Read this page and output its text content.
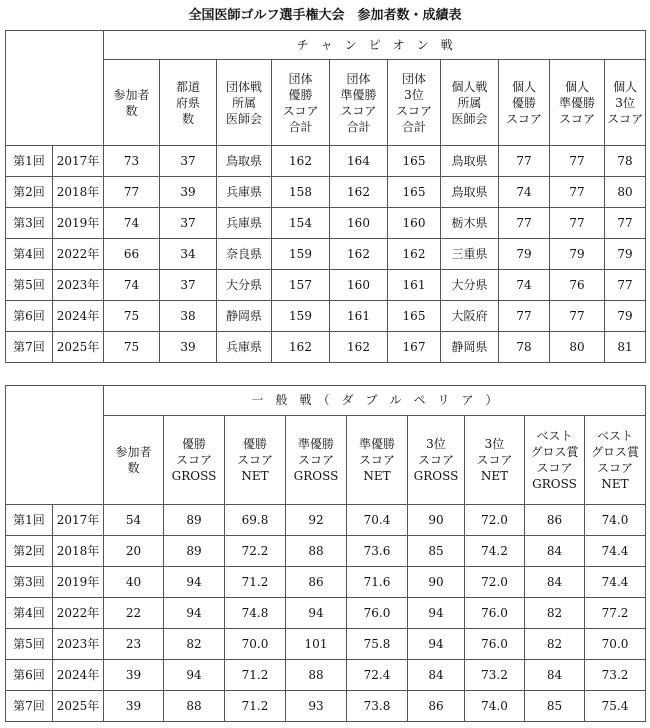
全国医師ゴルフ選手権大会　参加者数・成績表
		チ　ャ　ン　ピ　オ　ン　戦									
		参加者
数	都道
府県
数	団体戦
所属
医師会	団体
優勝
スコア
合計	団体
準優勝
スコア
合計	団体
3位
スコア
合計	個人戦
所属
医師会	個人
優勝
スコア	個人
準優勝
スコア	個人
3位
スコア
第1回	2017年	73	37	鳥取県	162	164	165	鳥取県	77	77	78
第2回	2018年	77	39	兵庫県	158	162	165	鳥取県	74	77	80
第3回	2019年	74	37	兵庫県	154	160	160	栃木県	77	77	77
第4回	2022年	66	34	奈良県	159	162	162	三重県	79	79	79
第5回	2023年	74	37	大分県	157	160	161	大分県	74	76	77
第6回	2024年	75	38	静岡県	159	161	165	大阪府	77	77	79
第7回	2025年	75	39	兵庫県	162	162	167	静岡県	78	80	81
		一　般　戦　（　ダ　ブ　ル　ペ　リ　ア　）								
		参加者
数	優勝
スコア
GROSS	優勝
スコア
NET	準優勝
スコア
GROSS	準優勝
スコア
NET	3位
スコア
GROSS	3位
スコア
NET	ベスト
グロス賞
スコア
GROSS	ベスト
グロス賞
スコア
NET
第1回	2017年	54	89	69.8	92	70.4	90	72.0	86	74.0
第2回	2018年	20	89	72.2	88	73.6	85	74.2	84	74.4
第3回	2019年	40	94	71.2	86	71.6	90	72.0	84	74.4
第4回	2022年	22	94	74.8	94	76.0	94	76.0	82	77.2
第5回	2023年	23	82	70.0	101	75.8	94	76.0	82	70.0
第6回	2024年	39	94	71.2	88	72.4	84	73.2	84	73.2
第7回	2025年	39	88	71.2	93	73.8	86	74.0	85	75.4
